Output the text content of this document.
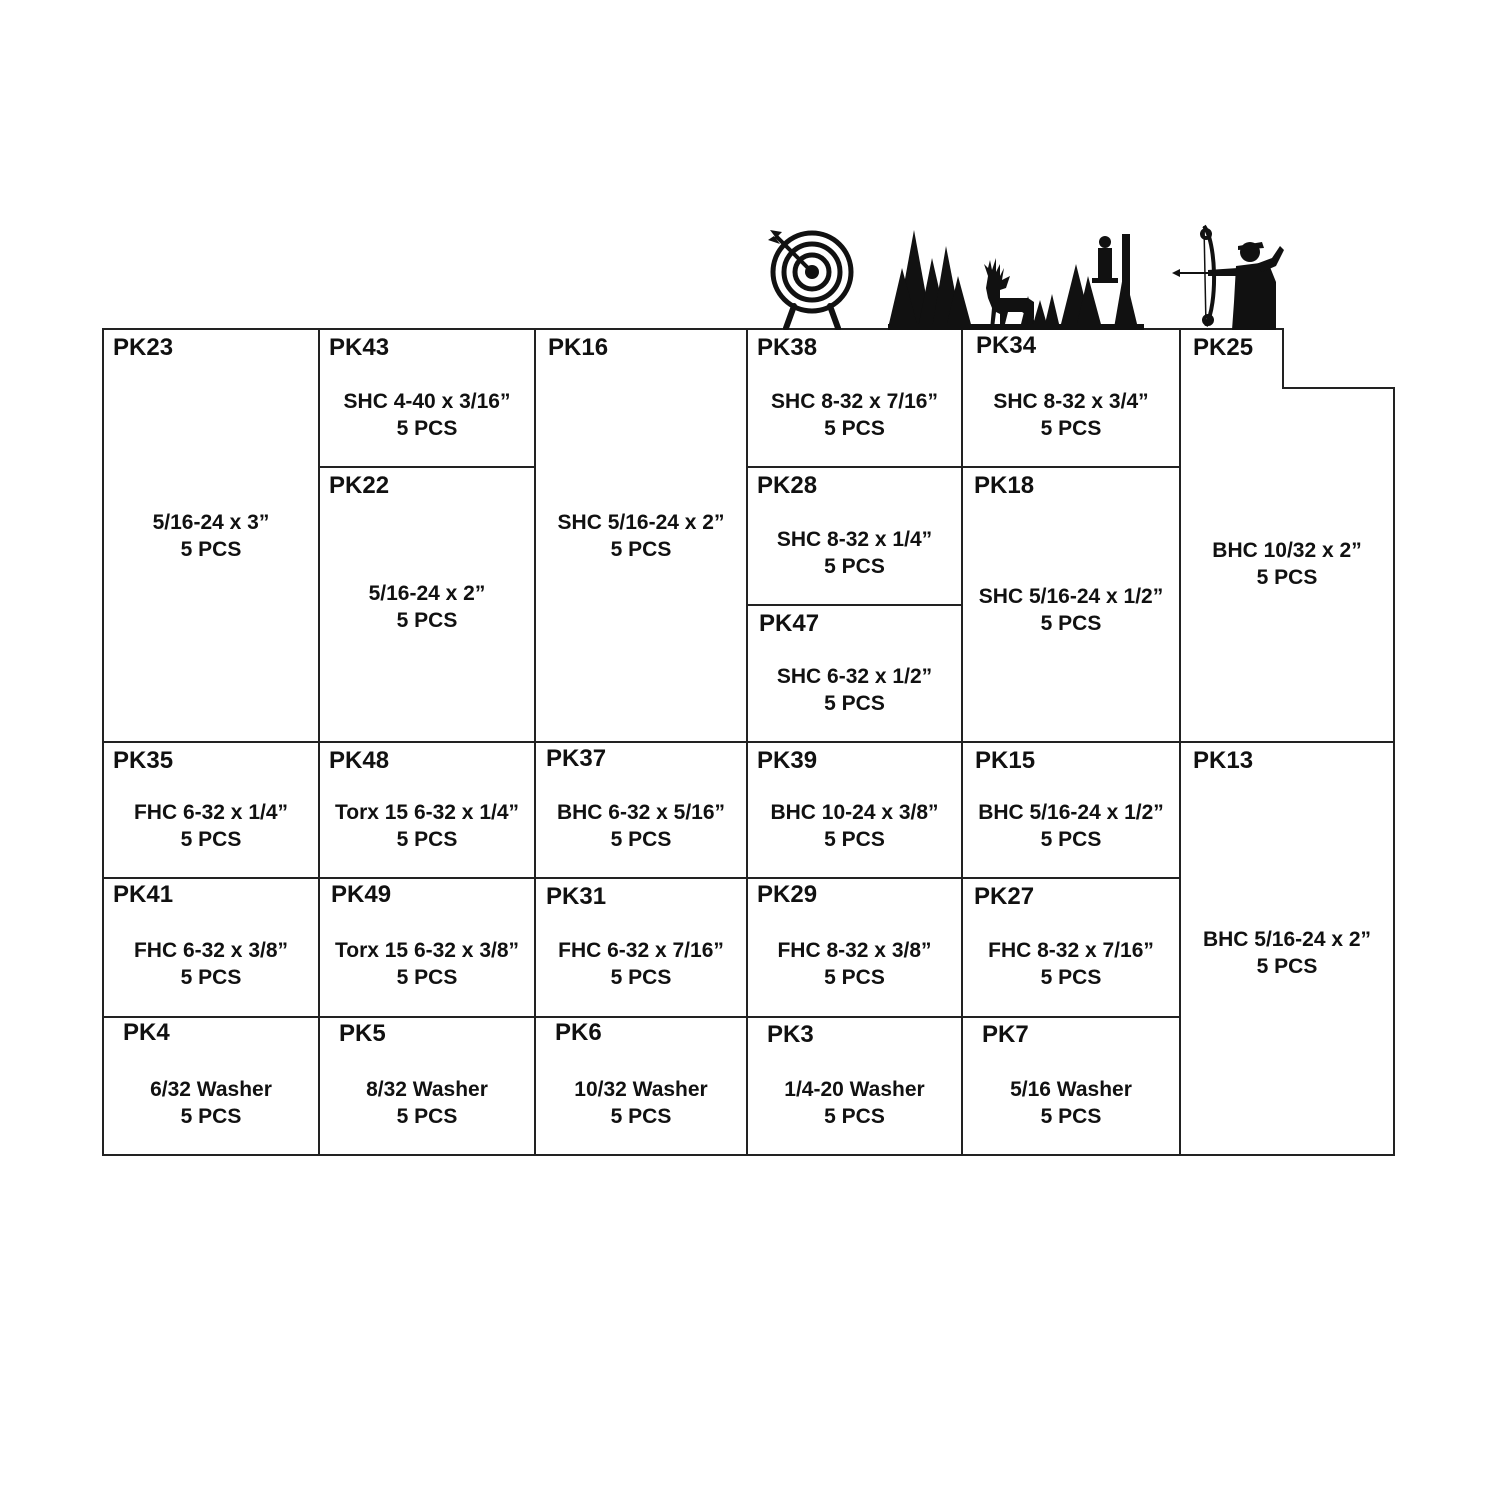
PK23
5/16-24 x 3”
5 PCS
PK43
SHC 4-40 x 3/16”
5 PCS
PK22
5/16-24 x 2”
5 PCS
PK16
SHC 5/16-24 x 2”
5 PCS
PK38
SHC 8-32 x 7/16”
5 PCS
PK28
SHC 8-32 x 1/4”
5 PCS
PK47
SHC 6-32 x 1/2”
5 PCS
PK34
SHC 8-32 x 3/4”
5 PCS
PK18
SHC 5/16-24 x 1/2”
5 PCS
PK25
BHC 10/32 x 2”
5 PCS
PK35
FHC 6-32 x 1/4”
5 PCS
PK48
Torx 15 6-32 x 1/4”
5 PCS
PK37
BHC 6-32 x 5/16”
5 PCS
PK39
BHC 10-24 x 3/8”
5 PCS
PK15
BHC 5/16-24 x 1/2”
5 PCS
PK13
BHC 5/16-24 x 2”
5 PCS
PK41
FHC 6-32 x 3/8”
5 PCS
PK49
Torx 15 6-32 x 3/8”
5 PCS
PK31
FHC 6-32 x 7/16”
5 PCS
PK29
FHC 8-32 x 3/8”
5 PCS
PK27
FHC 8-32 x 7/16”
5 PCS
PK4
6/32 Washer
5 PCS
PK5
8/32 Washer
5 PCS
PK6
10/32 Washer
5 PCS
PK3
1/4-20 Washer
5 PCS
PK7
5/16 Washer
5 PCS
